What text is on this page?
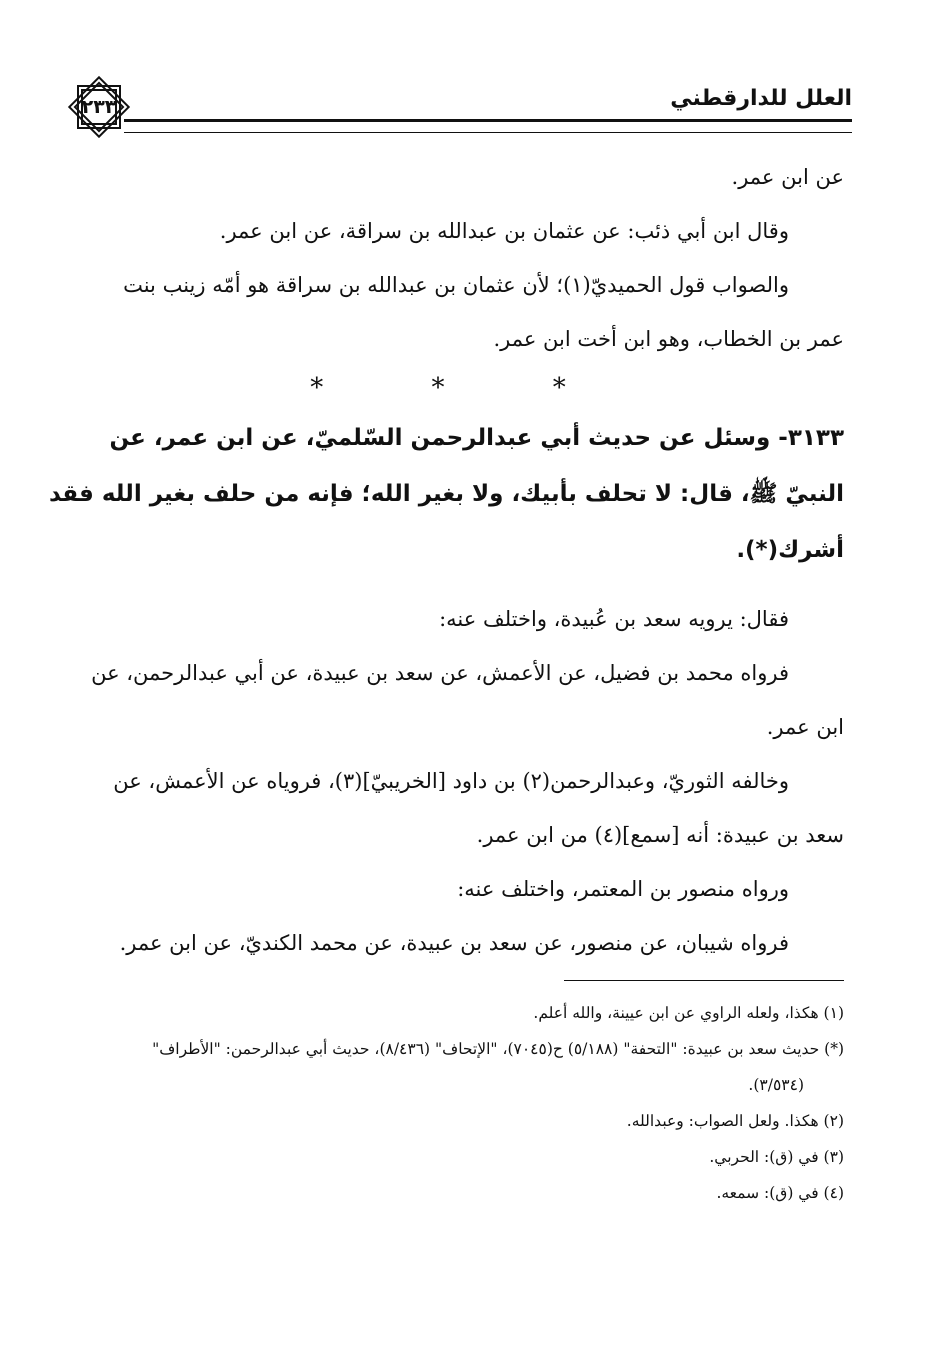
العلل للدارقطني
٢٣٣
عن ابن عمر.
وقال ابن أبي ذئب: عن عثمان بن عبدالله بن سراقة، عن ابن عمر.
والصواب قول الحميديّ(١)؛ لأن عثمان بن عبدالله بن سراقة هو أمّه زينب بنت
عمر بن الخطاب، وهو ابن أخت ابن عمر.
* * *
٣١٣٣- وسئل عن حديث أبي عبدالرحمن السّلميّ، عن ابن عمر، عن
النبيّ ﷺ، قال: لا تحلف بأبيك، ولا بغير الله؛ فإنه من حلف بغير الله فقد
أشرك(*).
فقال: يرويه سعد بن عُبيدة، واختلف عنه:
فرواه محمد بن فضيل، عن الأعمش، عن سعد بن عبيدة، عن أبي عبدالرحمن، عن
ابن عمر.
وخالفه الثوريّ، وعبدالرحمن(٢) بن داود [الخريبيّ](٣)، فروياه عن الأعمش، عن
سعد بن عبيدة: أنه [سمع](٤) من ابن عمر.
ورواه منصور بن المعتمر، واختلف عنه:
فرواه شيبان، عن منصور، عن سعد بن عبيدة، عن محمد الكنديّ، عن ابن عمر.
(١) هكذا، ولعله الراوي عن ابن عيينة، والله أعلم.
(*) حديث سعد بن عبيدة: "التحفة" (٥/١٨٨) ح(٧٠٤٥)، "الإتحاف" (٨/٤٣٦)، حديث أبي عبدالرحمن: "الأطراف"
(٣/٥٣٤).
(٢) هكذا. ولعل الصواب: وعبدالله.
(٣) في (ق): الحربي.
(٤) في (ق): سمعه.
